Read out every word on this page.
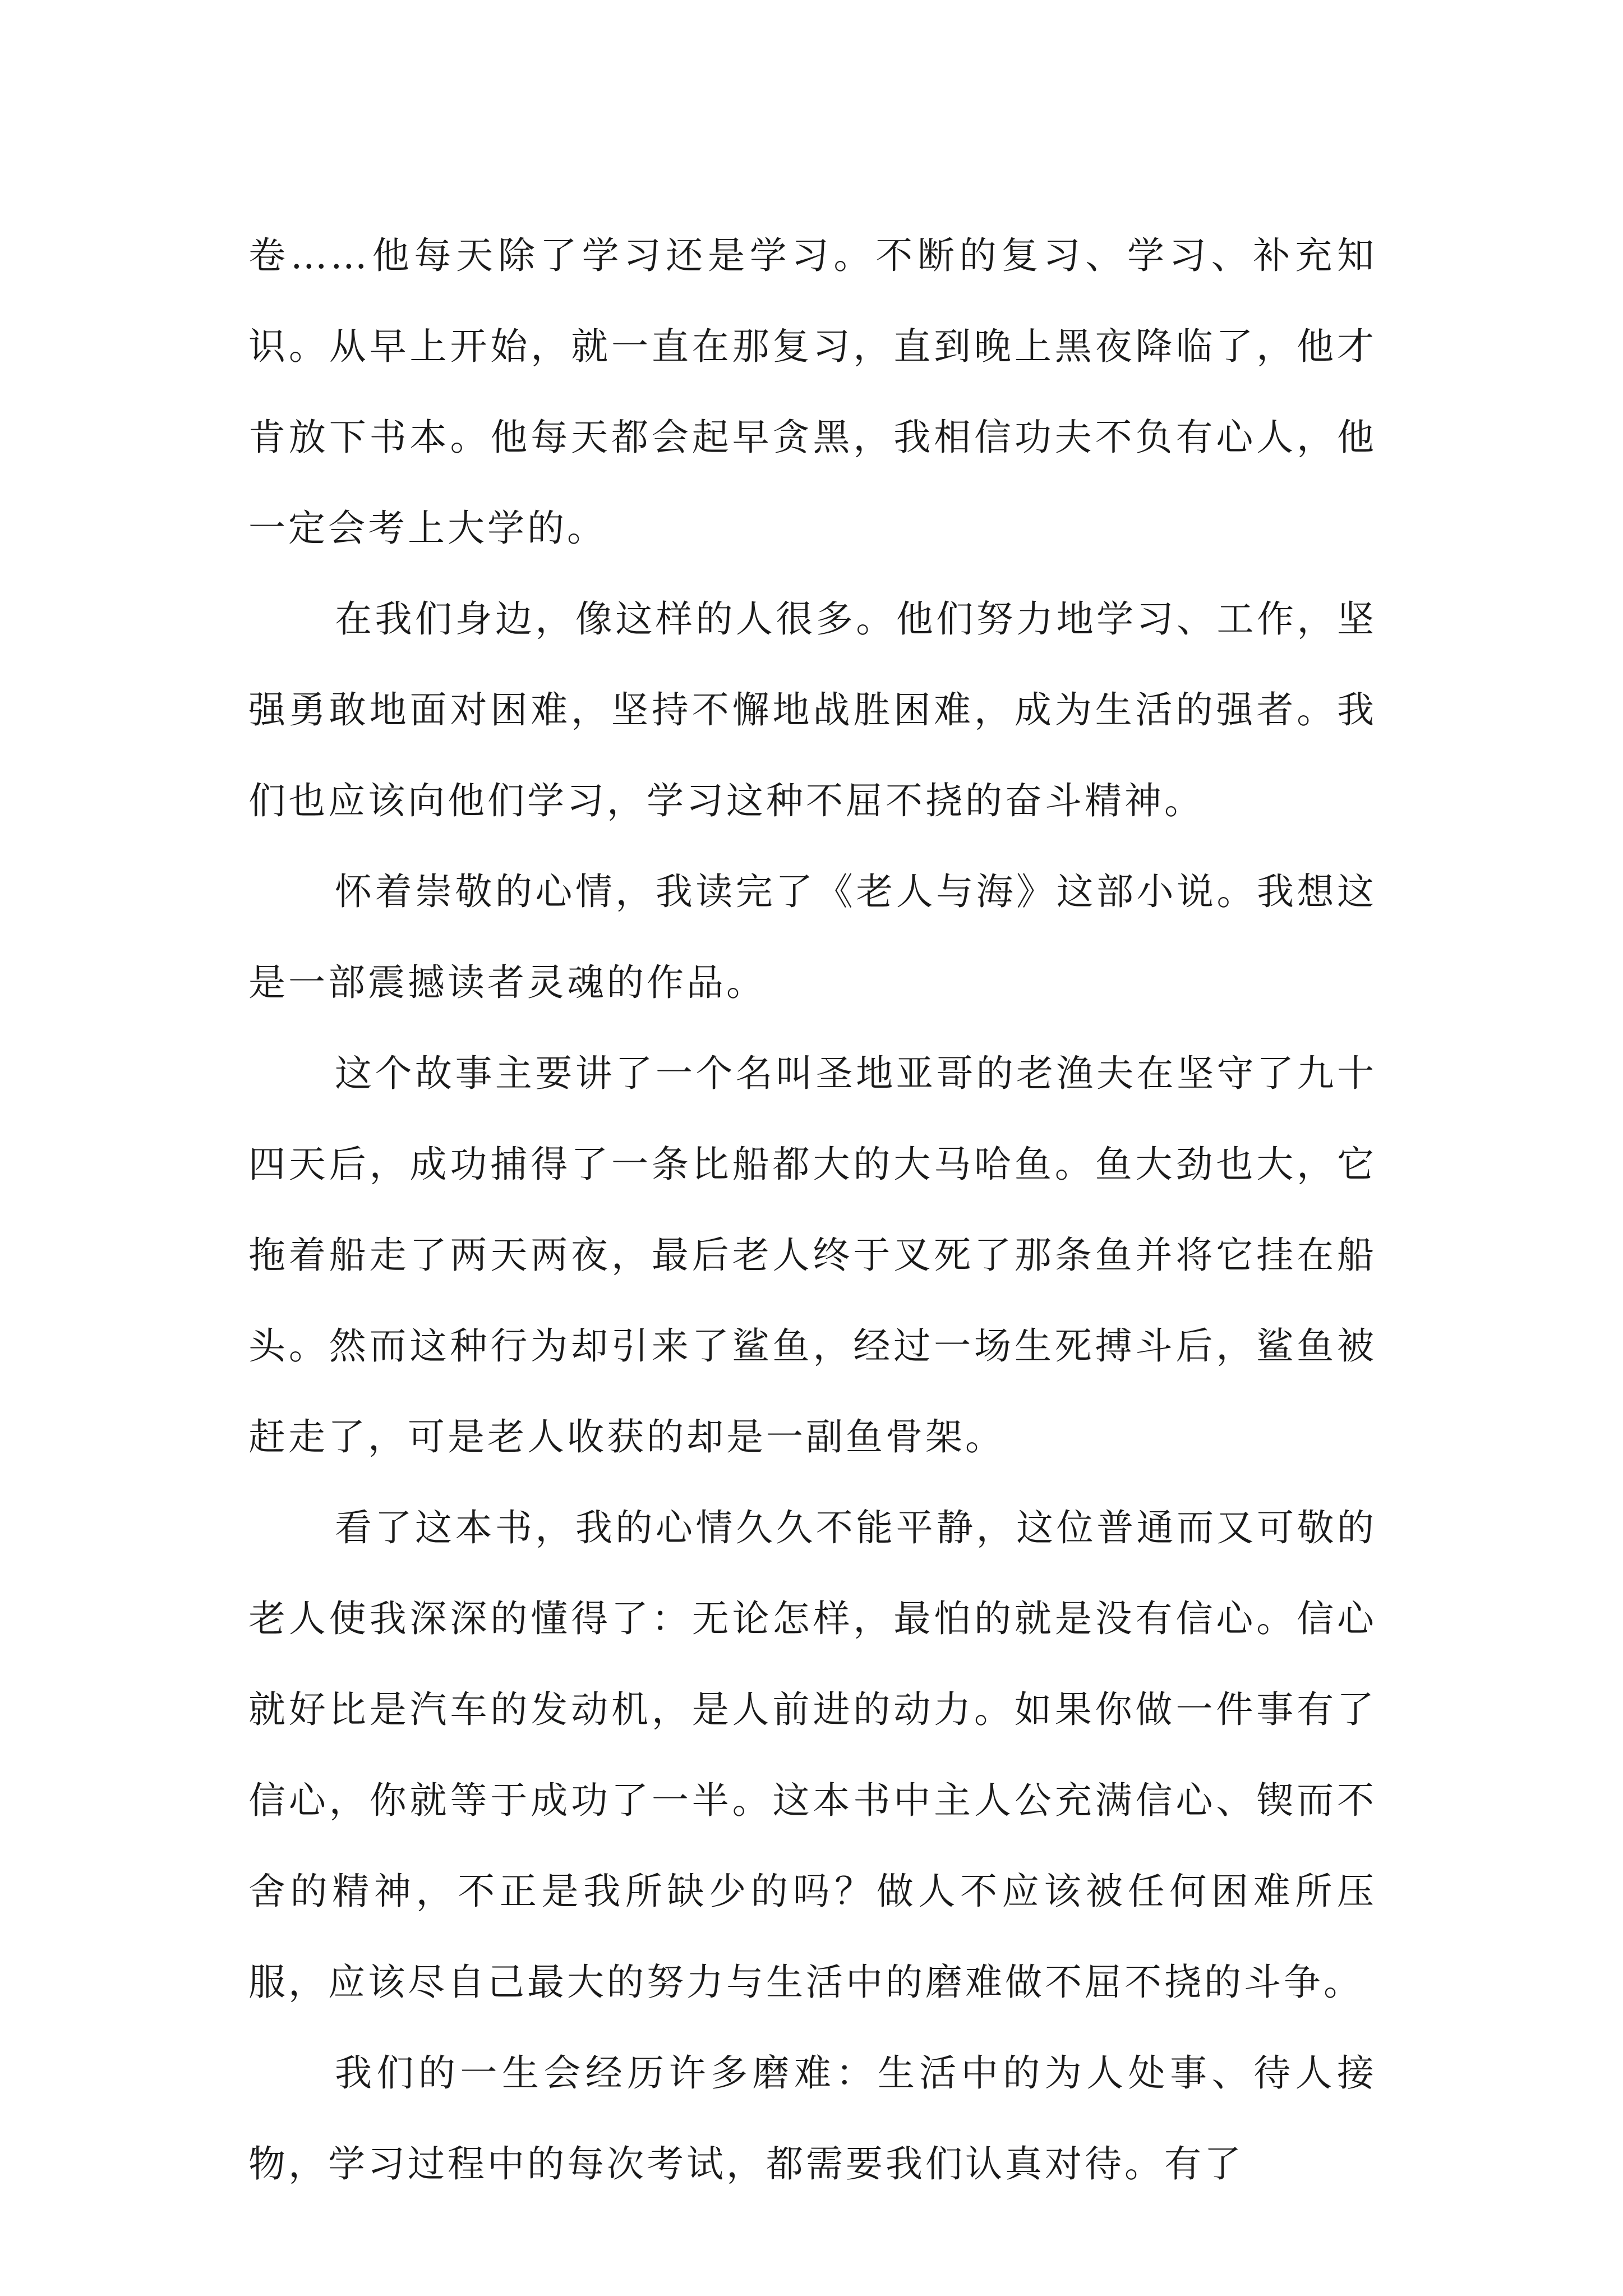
卷……他每天除了学习还是学习。不断的复习、学习、补充知识。从早上开始，就一直在那复习，直到晚上黑夜降临了，他才肯放下书本。他每天都会起早贪黑，我相信功夫不负有心人，他一定会考上大学的。

在我们身边，像这样的人很多。他们努力地学习、工作，坚强勇敢地面对困难，坚持不懈地战胜困难，成为生活的强者。我们也应该向他们学习，学习这种不屈不挠的奋斗精神。

怀着崇敬的心情，我读完了《老人与海》这部小说。我想这是一部震撼读者灵魂的作品。

这个故事主要讲了一个名叫圣地亚哥的老渔夫在坚守了九十四天后，成功捕得了一条比船都大的大马哈鱼。鱼大劲也大，它拖着船走了两天两夜，最后老人终于叉死了那条鱼并将它挂在船头。然而这种行为却引来了鲨鱼，经过一场生死搏斗后，鲨鱼被赶走了，可是老人收获的却是一副鱼骨架。

看了这本书，我的心情久久不能平静，这位普通而又可敬的老人使我深深的懂得了：无论怎样，最怕的就是没有信心。信心就好比是汽车的发动机，是人前进的动力。如果你做一件事有了信心，你就等于成功了一半。这本书中主人公充满信心、锲而不舍的精神，不正是我所缺少的吗？做人不应该被任何困难所压服，应该尽自己最大的努力与生活中的磨难做不屈不挠的斗争。

我们的一生会经历许多磨难：生活中的为人处事、待人接物，学习过程中的每次考试，都需要我们认真对待。有了
